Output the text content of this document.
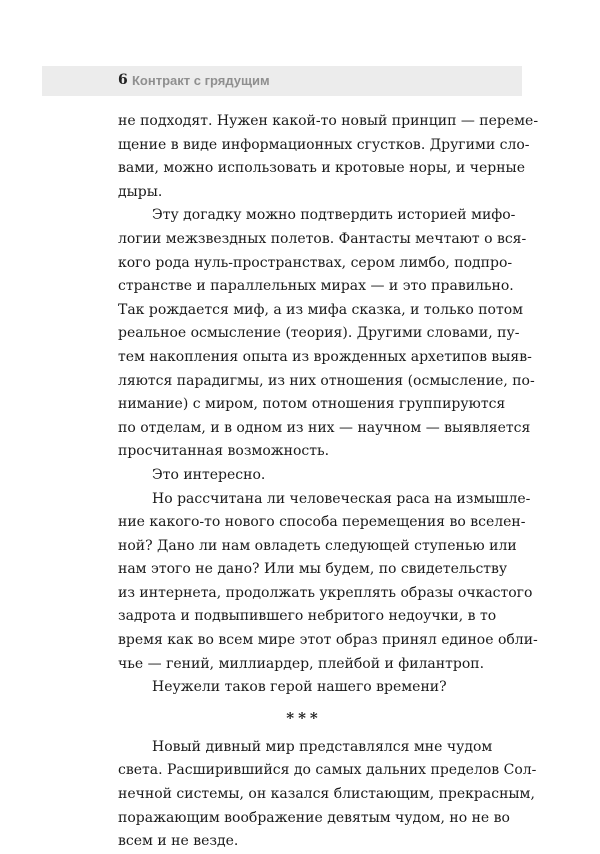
6 Контракт с грядущим
не подходят. Нужен какой-то новый принцип — переме-
щение в виде информационных сгустков. Другими сло-
вами, можно использовать и кротовые норы, и черные
дыры.
Эту догадку можно подтвердить историей мифо-
логии межзвездных полетов. Фантасты мечтают о вся-
кого рода нуль-пространствах, сером лимбо, подпро-
странстве и параллельных мирах — и это правильно.
Так рождается миф, а из мифа сказка, и только потом
реальное осмысление (теория). Другими словами, пу-
тем накопления опыта из врожденных архетипов выяв-
ляются парадигмы, из них отношения (осмысление, по-
нимание) с миром, потом отношения группируются
по отделам, и в одном из них — научном — выявляется
просчитанная возможность.
Это интересно.
Но рассчитана ли человеческая раса на измышле-
ние какого-то нового способа перемещения во вселен-
ной? Дано ли нам овладеть следующей ступенью или
нам этого не дано? Или мы будем, по свидетельству
из интернета, продолжать укреплять образы очкастого
задрота и подвыпившего небритого недоучки, в то
время как во всем мире этот образ принял единое обли-
чье — гений, миллиардер, плейбой и филантроп.
Неужели таков герой нашего времени?
***
Новый дивный мир представлялся мне чудом
света. Расширившийся до самых дальних пределов Сол-
нечной системы, он казался блистающим, прекрасным,
поражающим воображение девятым чудом, но не во
всем и не везде.
